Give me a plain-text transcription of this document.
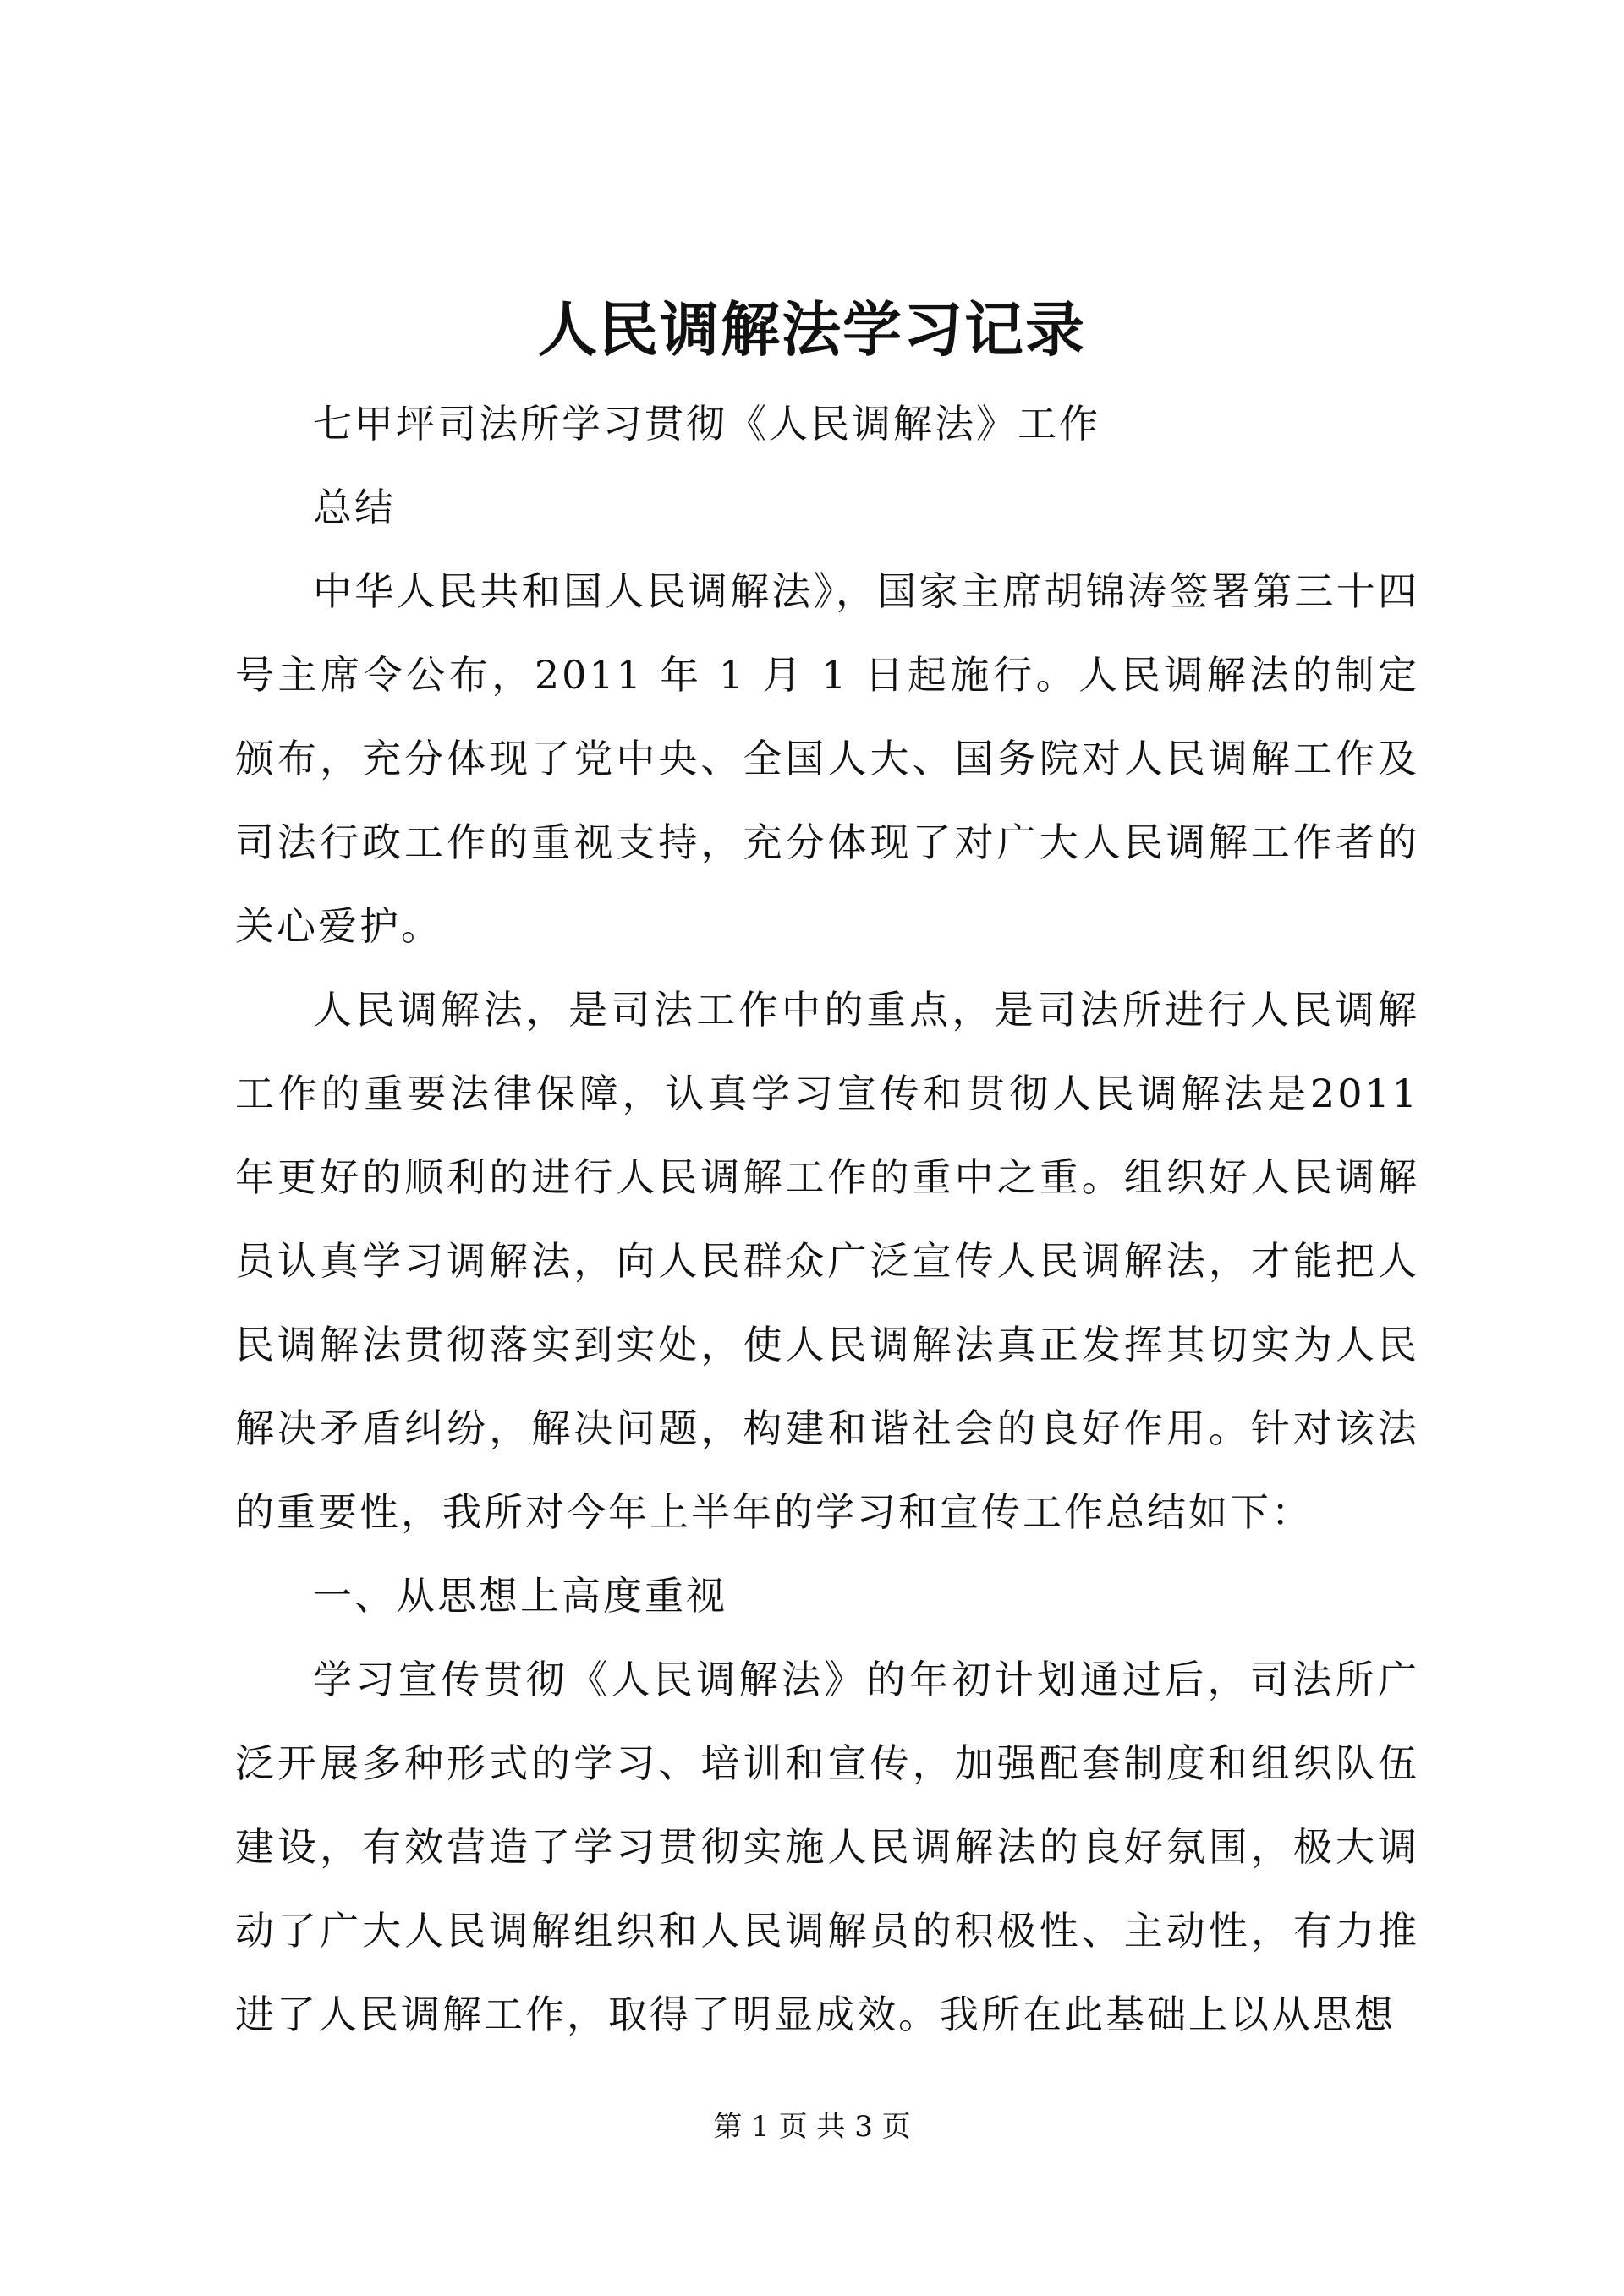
人民调解法学习记录

七甲坪司法所学习贯彻《人民调解法》工作

总结

中华人民共和国人民调解法》，国家主席胡锦涛签署第三十四号主席令公布，2011 年 1 月 1 日起施行。人民调解法的制定颁布，充分体现了党中央、全国人大、国务院对人民调解工作及司法行政工作的重视支持，充分体现了对广大人民调解工作者的关心爱护。

人民调解法，是司法工作中的重点，是司法所进行人民调解工作的重要法律保障，认真学习宣传和贯彻人民调解法是2011年更好的顺利的进行人民调解工作的重中之重。组织好人民调解员认真学习调解法，向人民群众广泛宣传人民调解法，才能把人民调解法贯彻落实到实处，使人民调解法真正发挥其切实为人民解决矛盾纠纷，解决问题，构建和谐社会的良好作用。针对该法的重要性，我所对今年上半年的学习和宣传工作总结如下：

一、从思想上高度重视

学习宣传贯彻《人民调解法》的年初计划通过后，司法所广泛开展多种形式的学习、培训和宣传，加强配套制度和组织队伍建设，有效营造了学习贯彻实施人民调解法的良好氛围，极大调动了广大人民调解组织和人民调解员的积极性、主动性，有力推进了人民调解工作，取得了明显成效。我所在此基础上以从思想

第 1 页 共 3 页
